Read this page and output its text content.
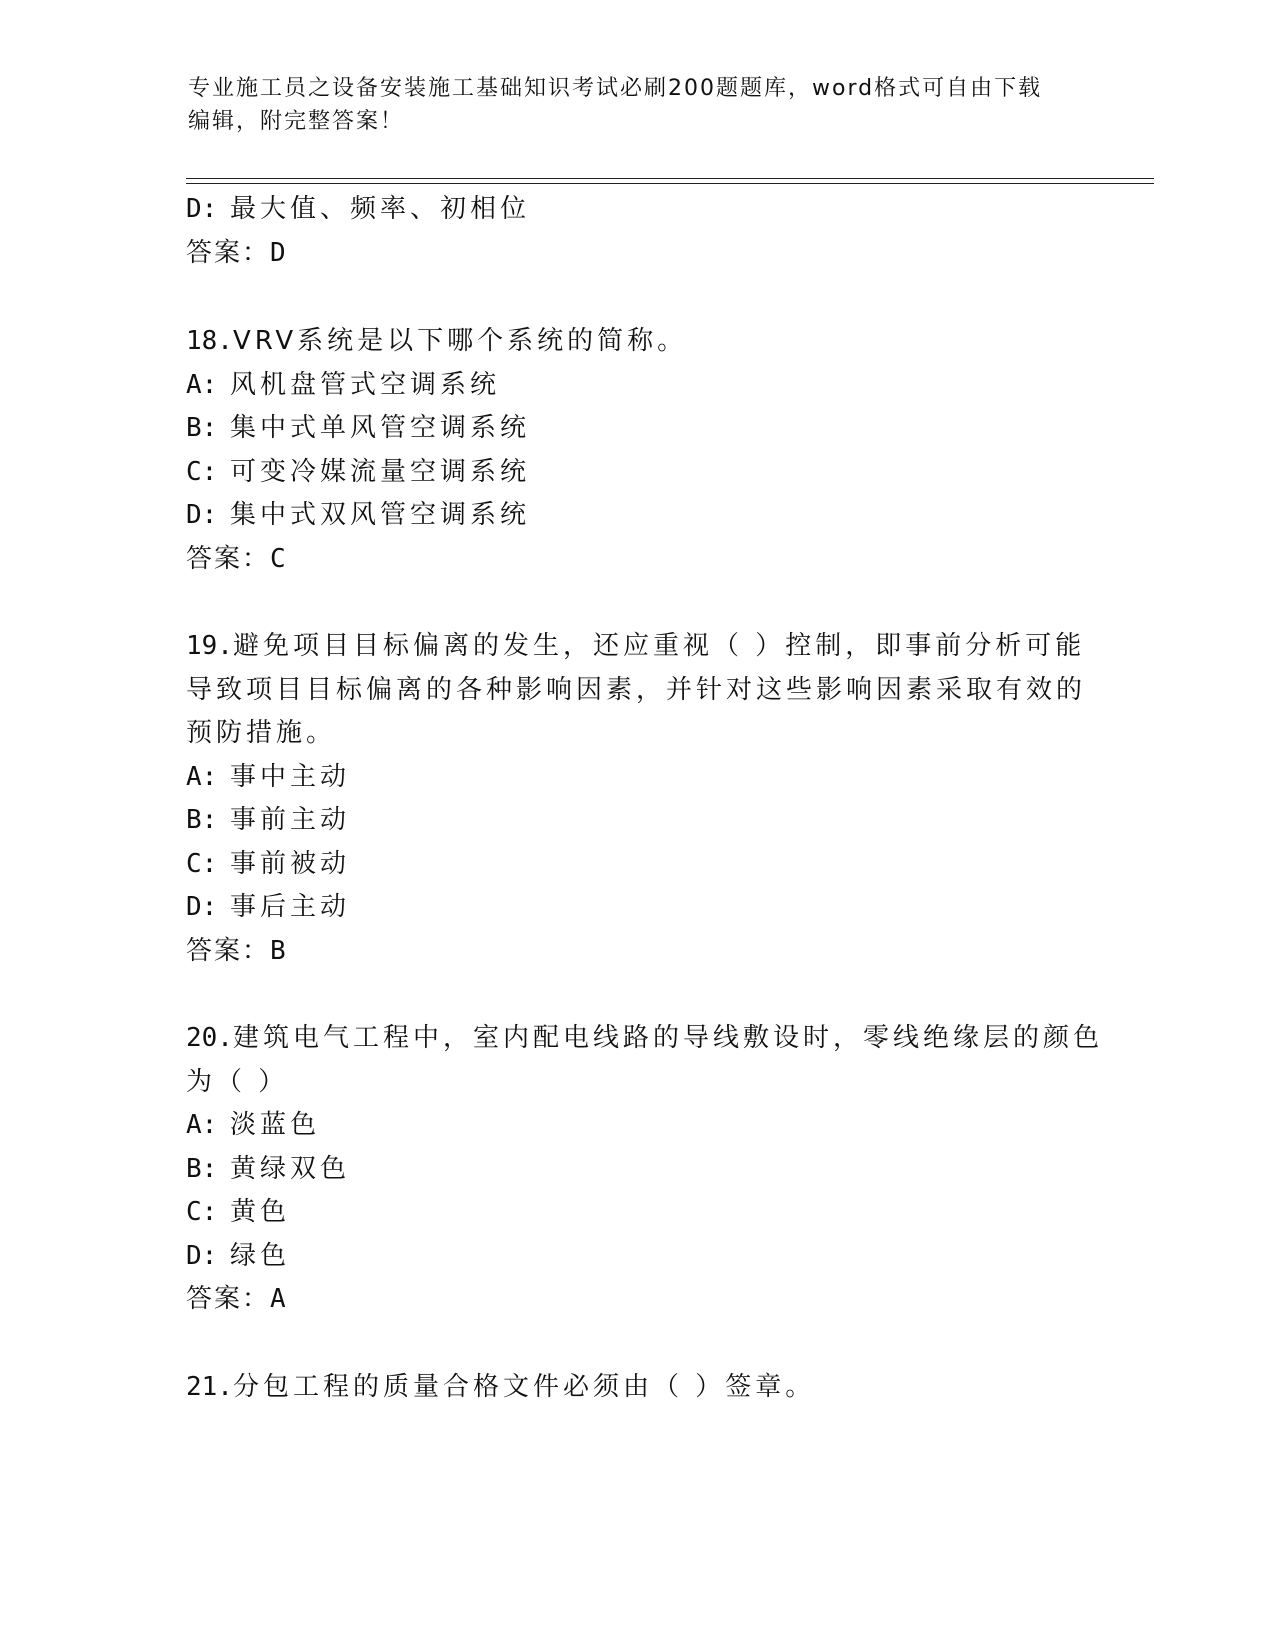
专业施工员之设备安装施工基础知识考试必刷200题题库，word格式可自由下载
编辑，附完整答案！
D: 最大值、频率、初相位
答案：D
18.VRV系统是以下哪个系统的简称。
A: 风机盘管式空调系统
B: 集中式单风管空调系统
C: 可变冷媒流量空调系统
D: 集中式双风管空调系统
答案：C
19.避免项目目标偏离的发生，还应重视（ ）控制，即事前分析可能
导致项目目标偏离的各种影响因素，并针对这些影响因素采取有效的
预防措施。
A: 事中主动
B: 事前主动
C: 事前被动
D: 事后主动
答案：B
20.建筑电气工程中，室内配电线路的导线敷设时，零线绝缘层的颜色
为（ ）
A: 淡蓝色
B: 黄绿双色
C: 黄色
D: 绿色
答案：A
21.分包工程的质量合格文件必须由（ ）签章。
